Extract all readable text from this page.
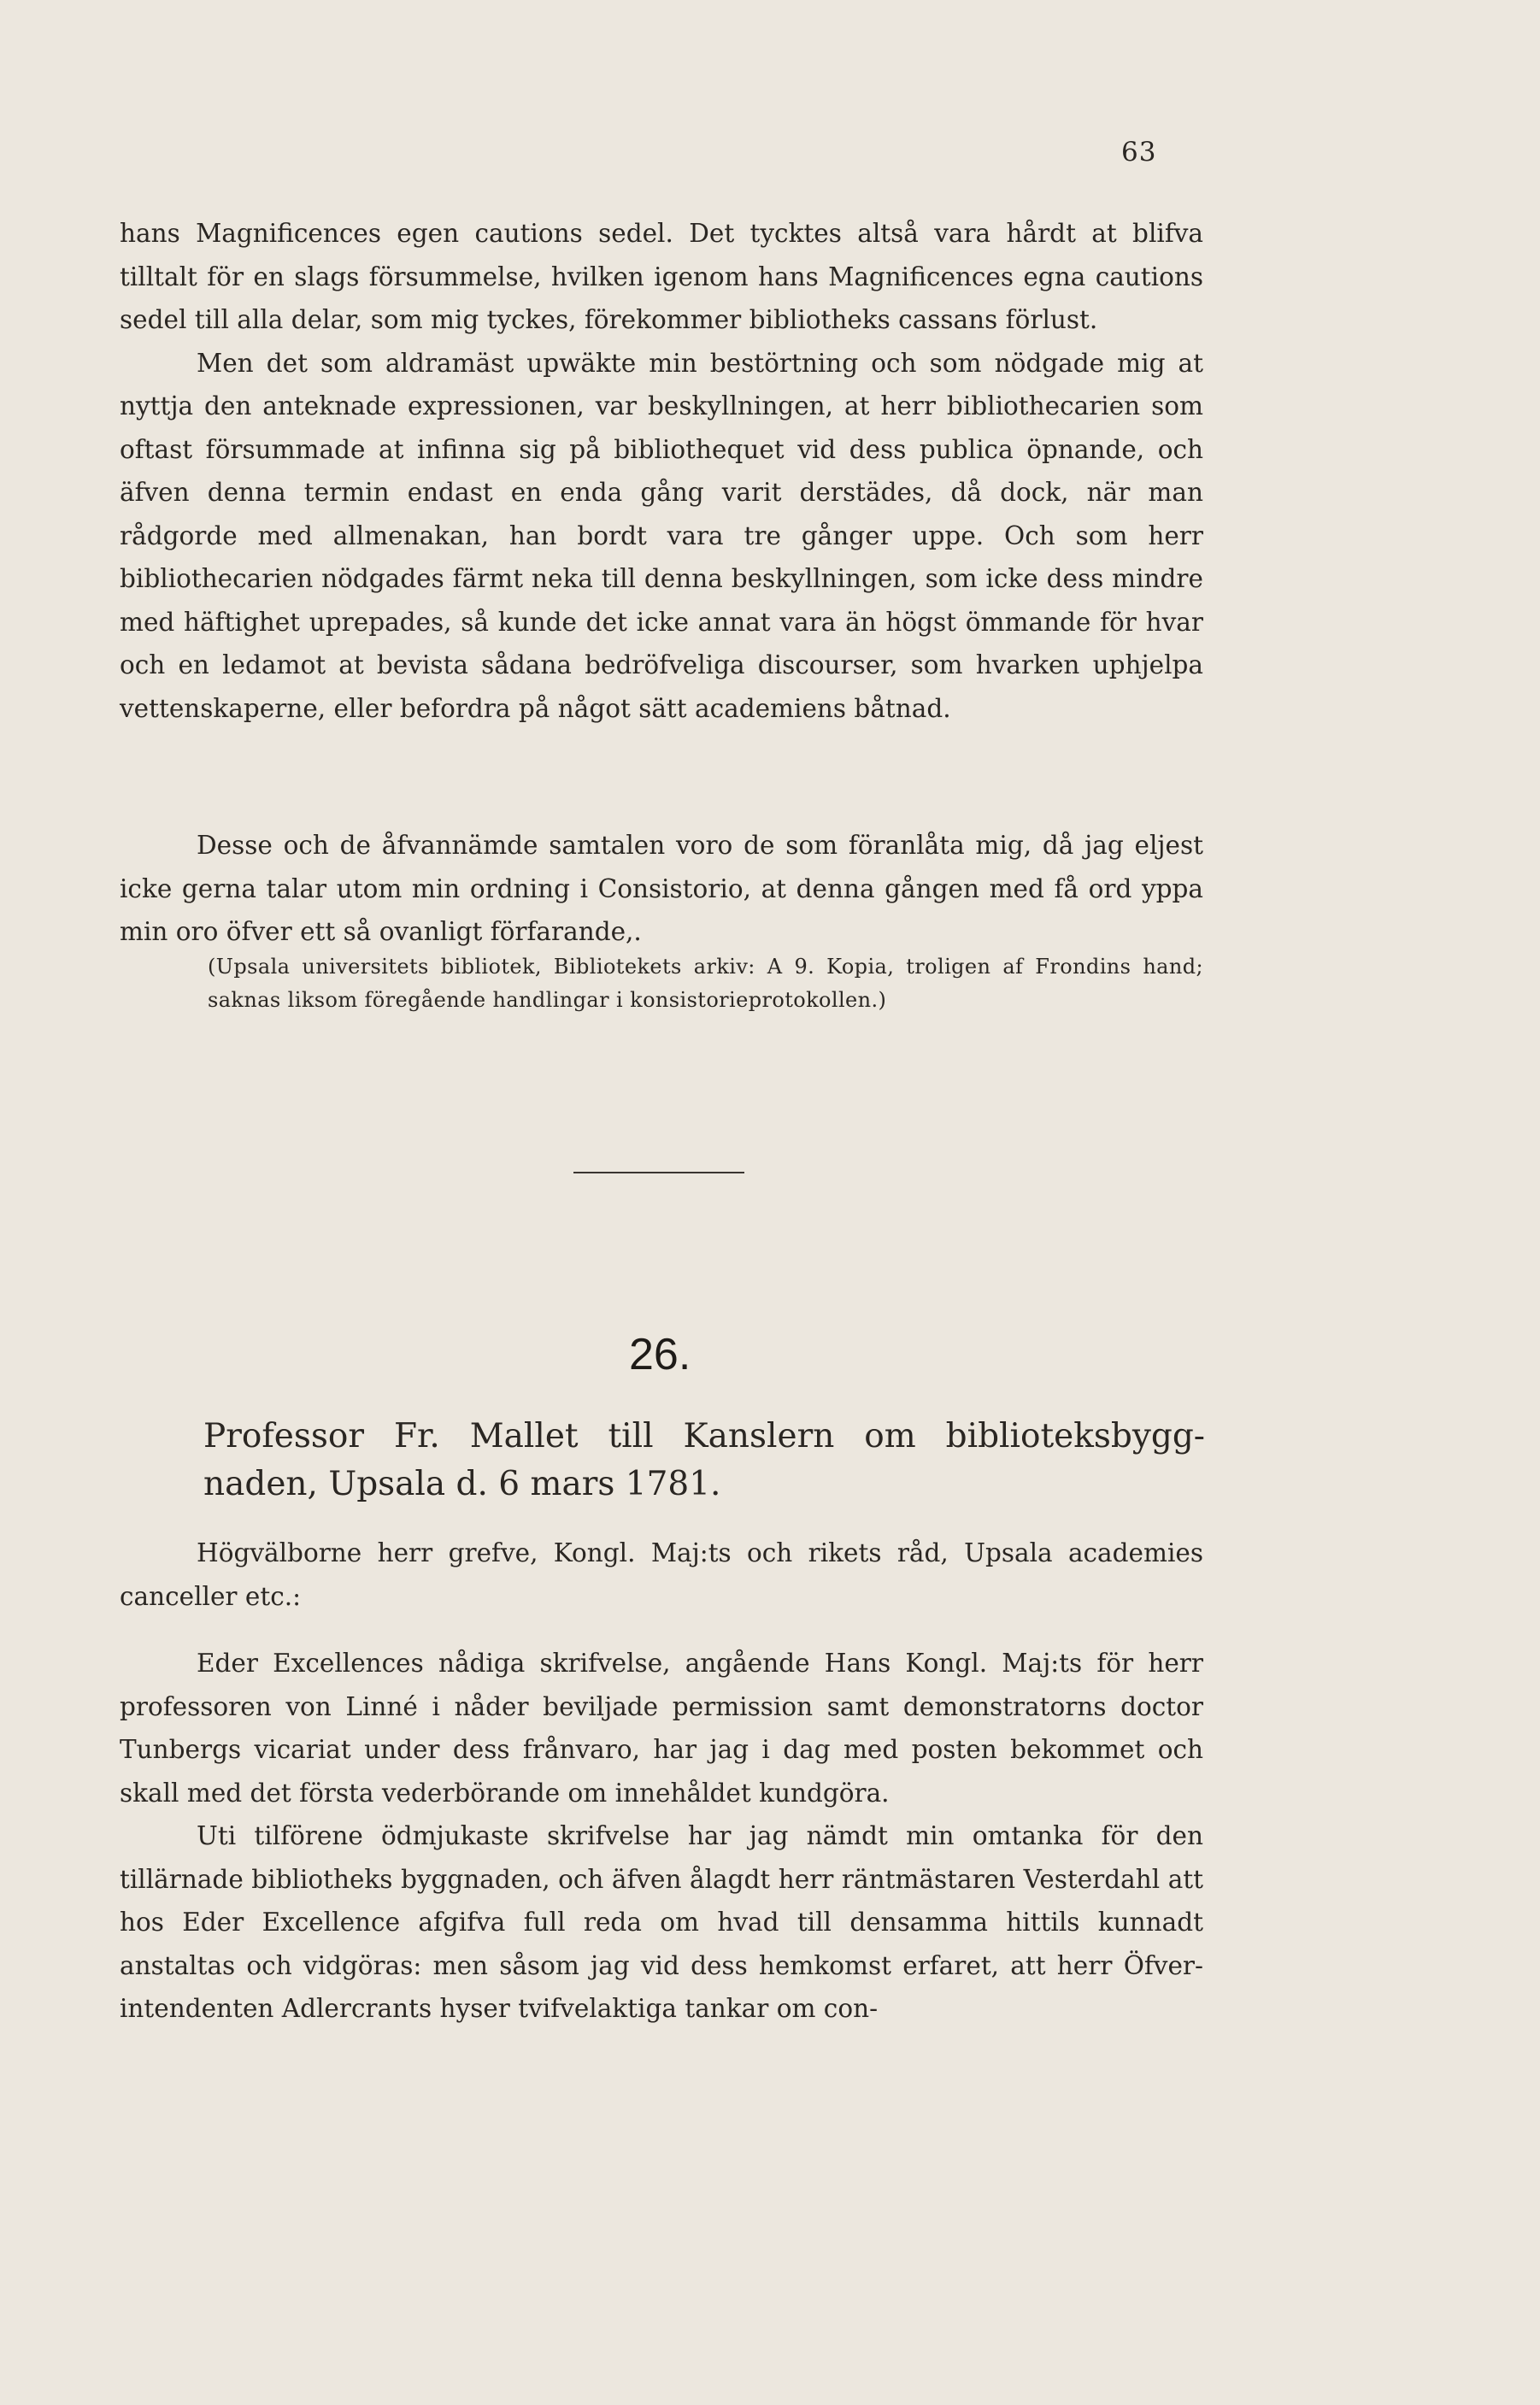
63

hans Magnificences egen cautions sedel. Det tycktes altså vara hårdt at blifva tilltalt för en slags försummelse, hvilken igenom hans Magnificences egna cautions sedel till alla delar, som mig tyckes, förekommer bibliotheks cassans förlust.

Men det som aldramäst upwäkte min bestörtning och som nödgade mig at nyttja den anteknade expressionen, var beskyllningen, at herr bibliothecarien som oftast försummade at infinna sig på bibliothequet vid dess publica öpnande, och äfven denna termin endast en enda gång varit derstädes, då dock, när man rådgorde med allmenakan, han bordt vara tre gånger uppe. Och som herr bibliothecarien nödgades färmt neka till denna beskyllningen, som icke dess mindre med häftighet uprepades, så kunde det icke annat vara än högst ömmande för hvar och en ledamot at bevista sådana bedröfveliga discourser, som hvarken uphjelpa vettenskaperne, eller befordra på något sätt academiens båtnad.

Desse och de åfvannämde samtalen voro de som föranlåta mig, då jag eljest icke gerna talar utom min ordning i Consistorio, at denna gången med få ord yppa min oro öfver ett så ovanligt förfarande,.

(Upsala universitets bibliotek, Bibliotekets arkiv: A 9. Kopia, troligen af Frondins hand; saknas liksom föregående handlingar i konsistorieprotokollen.)
26.
Professor Fr. Mallet till Kanslern om biblioteksbygg-
naden, Upsala d. 6 mars 1781.

Högvälborne herr grefve, Kongl. Maj:ts och rikets råd, Upsala academies canceller etc.:

Eder Excellences nådiga skrifvelse, angående Hans Kongl. Maj:ts för herr professoren von Linné i nåder beviljade permission samt demonstratorns doctor Tunbergs vicariat under dess frånvaro, har jag i dag med posten bekommet och skall med det första vederbörande om innehåldet kundgöra.

Uti tilförene ödmjukaste skrifvelse har jag nämdt min omtanka för den tillärnade bibliotheks byggnaden, och äfven ålagdt herr räntmästaren Vesterdahl att hos Eder Excellence afgifva full reda om hvad till densamma hittils kunnadt anstaltas och vidgöras: men såsom jag vid dess hemkomst erfaret, att herr Öfver-intendenten Adlercrants hyser tvifvelaktiga tankar om con-
